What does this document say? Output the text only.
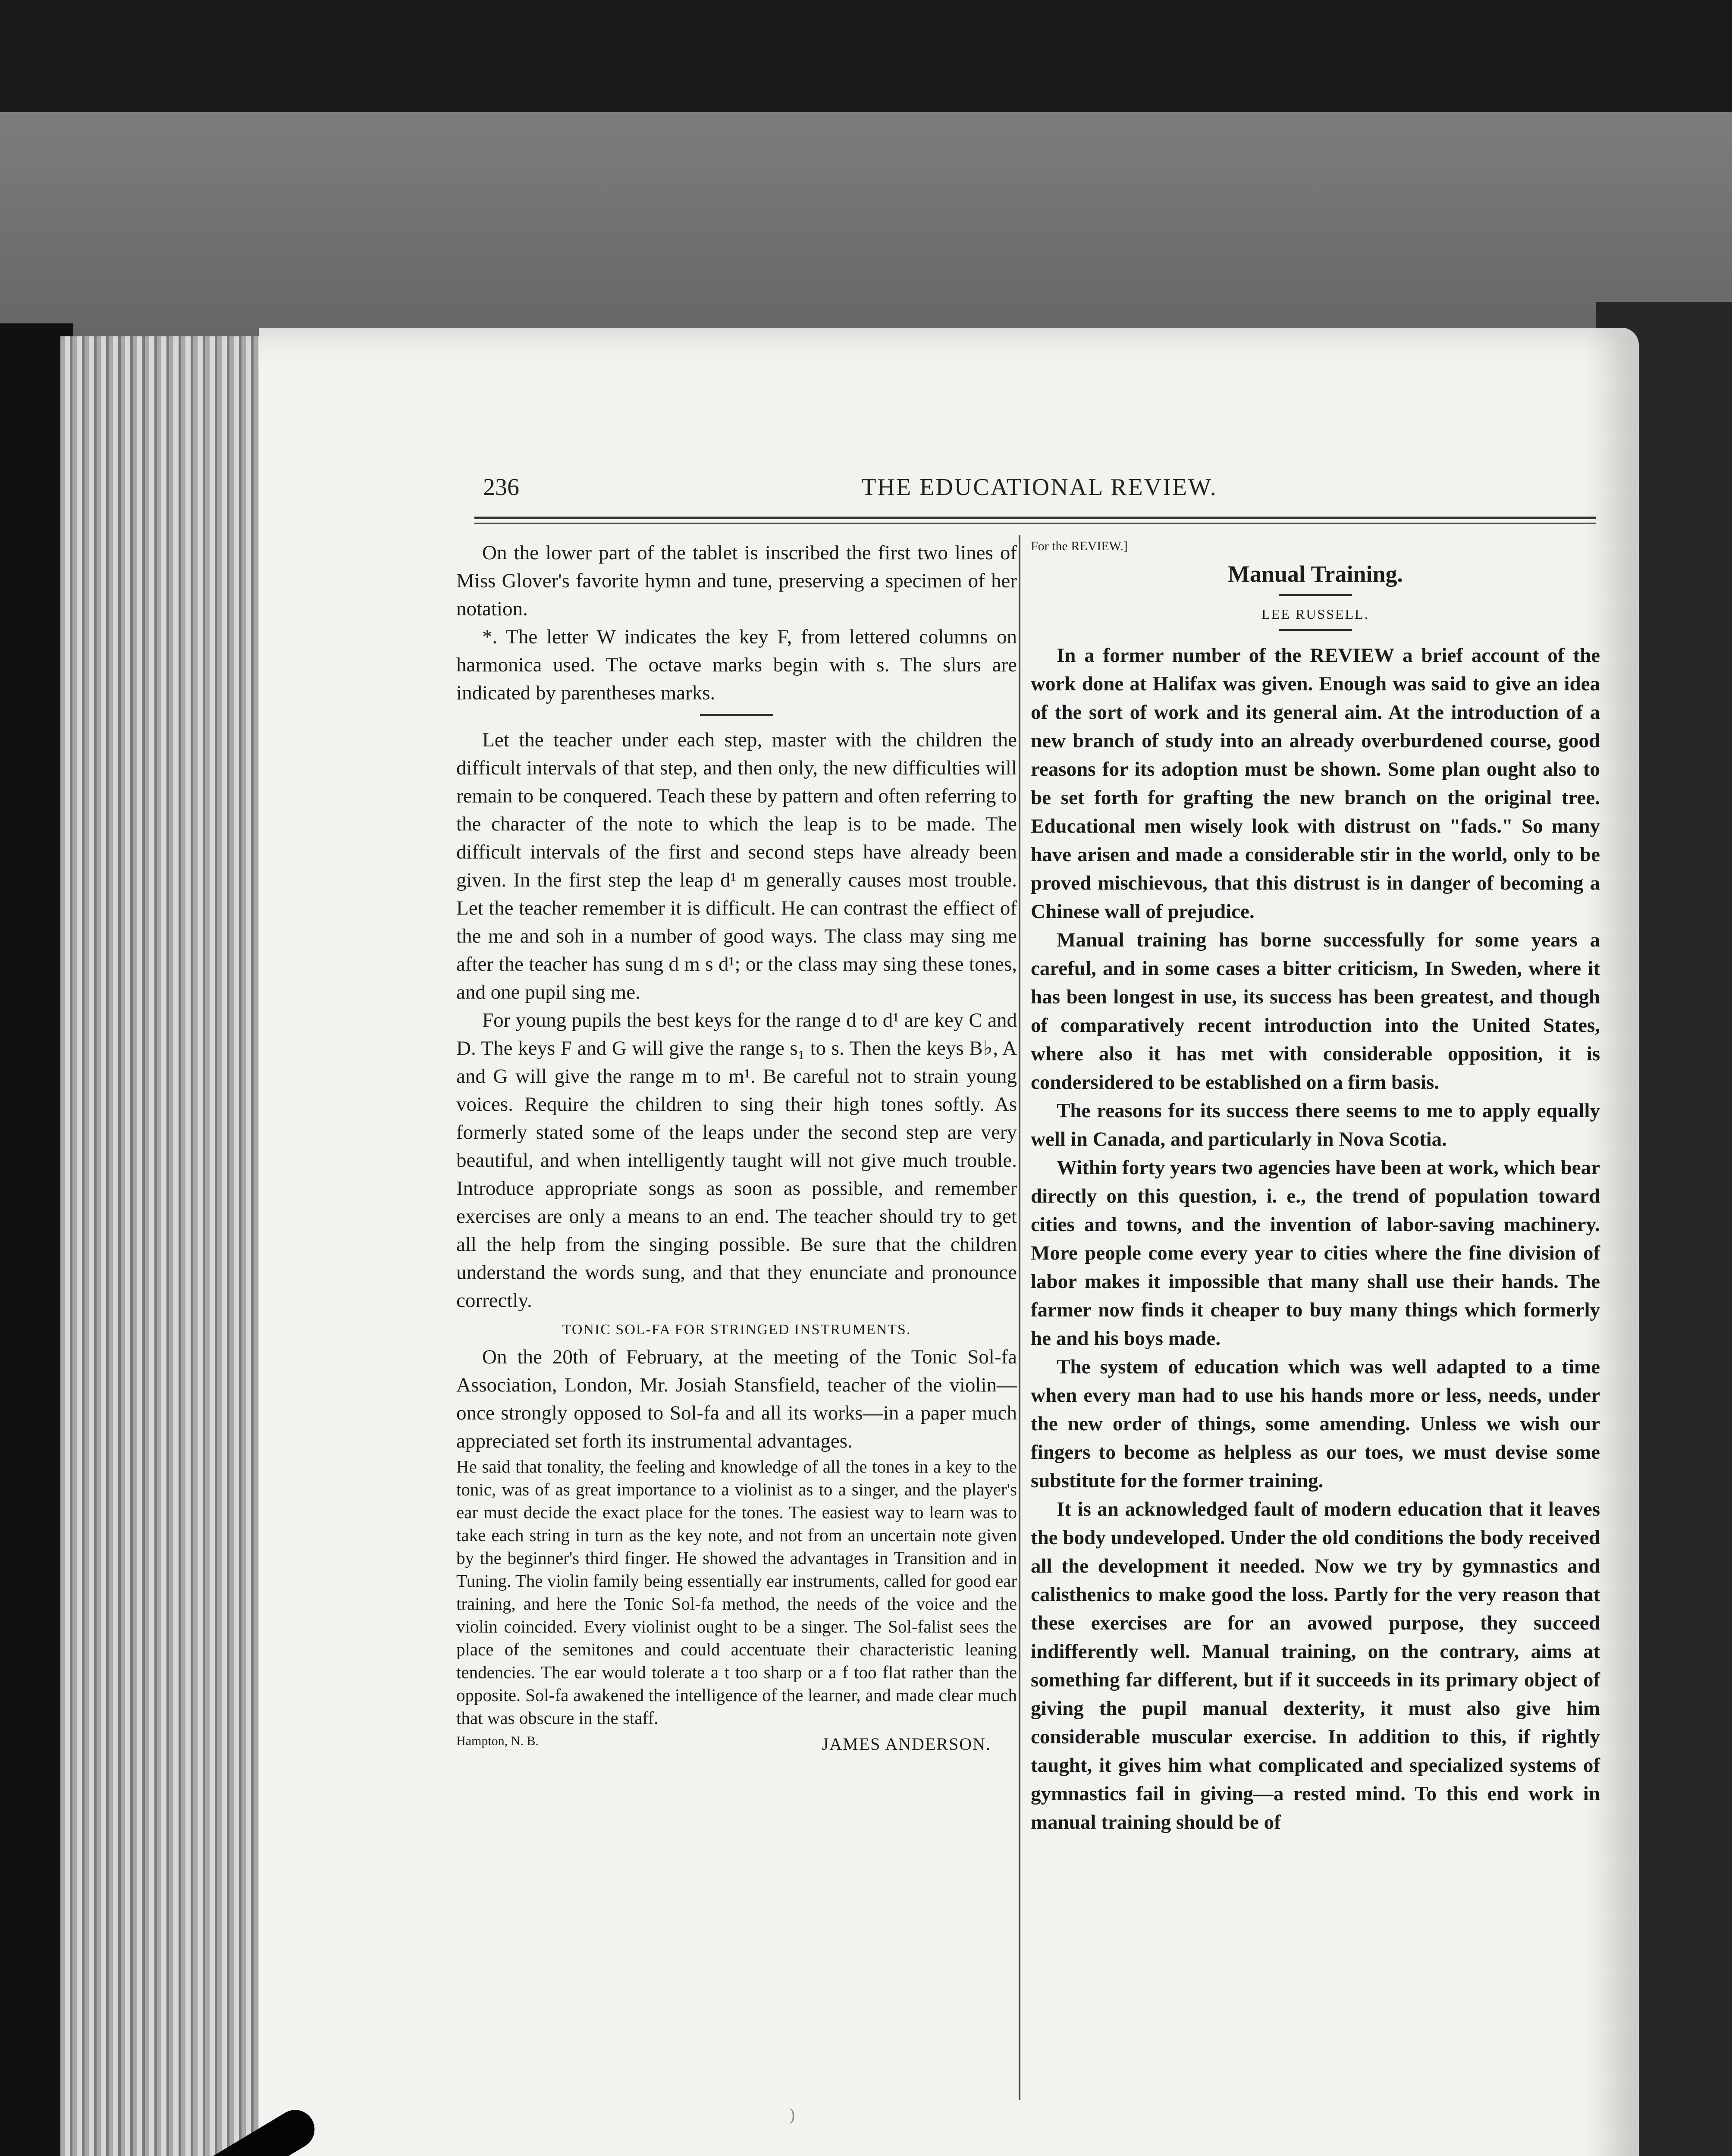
236	THE EDUCATIONAL REVIEW.

On the lower part of the tablet is inscribed the first two lines of Miss Glover's favorite hymn and tune, preserving a specimen of her notation.

*. The letter W indicates the key F, from lettered columns on harmonica used. The octave marks begin with s. The slurs are indicated by parentheses marks.

Let the teacher under each step, master with the children the difficult intervals of that step, and then only, the new difficulties will remain to be conquered. Teach these by pattern and often referring to the character of the note to which the leap is to be made. The difficult intervals of the first and second steps have already been given. In the first step the leap d¹ m generally causes most trouble. Let the teacher remember it is difficult. He can contrast the effiect of the me and soh in a number of good ways. The class may sing me after the teacher has sung d m s d¹; or the class may sing these tones, and one pupil sing me.

For young pupils the best keys for the range d to d¹ are key C and D. The keys F and G will give the range s₁ to s. Then the keys B♭, A and G will give the range m to m¹. Be careful not to strain young voices. Require the children to sing their high tones softly. As formerly stated some of the leaps under the second step are very beautiful, and when intelligently taught will not give much trouble. Introduce appropriate songs as soon as possible, and remember exercises are only a means to an end. The teacher should try to get all the help from the singing possible. Be sure that the children understand the words sung, and that they enunciate and pronounce correctly.

TONIC SOL-FA FOR STRINGED INSTRUMENTS.

On the 20th of February, at the meeting of the Tonic Sol-fa Association, London, Mr. Josiah Stansfield, teacher of the violin—once strongly opposed to Sol-fa and all its works—in a paper much appreciated set forth its instrumental advantages.

He said that tonality, the feeling and knowledge of all the tones in a key to the tonic, was of as great importance to a violinist as to a singer, and the player's ear must decide the exact place for the tones. The easiest way to learn was to take each string in turn as the key note, and not from an uncertain note given by the beginner's third finger. He showed the advantages in Transition and in Tuning. The violin family being essentially ear instruments, called for good ear training, and here the Tonic Sol-fa method, the needs of the voice and the violin coincided. Every violinist ought to be a singer. The Sol-falist sees the place of the semitones and could accentuate their characteristic leaning tendencies. The ear would tolerate a t too sharp or a f too flat rather than the opposite. Sol-fa awakened the intelligence of the learner, and made clear much that was obscure in the staff.

Hampton, N. B.	JAMES ANDERSON.
For the REVIEW.]
Manual Training.
LEE RUSSELL.

In a former number of the REVIEW a brief account of the work done at Halifax was given. Enough was said to give an idea of the sort of work and its general aim. At the introduction of a new branch of study into an already overburdened course, good reasons for its adoption must be shown. Some plan ought also to be set forth for grafting the new branch on the original tree. Educational men wisely look with distrust on "fads." So many have arisen and made a considerable stir in the world, only to be proved mischievous, that this distrust is in danger of becoming a Chinese wall of prejudice.

Manual training has borne successfully for some years a careful, and in some cases a bitter criticism, In Sweden, where it has been longest in use, its success has been greatest, and though of comparatively recent introduction into the United States, where also it has met with considerable opposition, it is condersidered to be established on a firm basis.

The reasons for its success there seems to me to apply equally well in Canada, and particularly in Nova Scotia.

Within forty years two agencies have been at work, which bear directly on this question, i. e., the trend of population toward cities and towns, and the invention of labor-saving machinery. More people come every year to cities where the fine division of labor makes it impossible that many shall use their hands. The farmer now finds it cheaper to buy many things which formerly he and his boys made.

The system of education which was well adapted to a time when every man had to use his hands more or less, needs, under the new order of things, some amending. Unless we wish our fingers to become as helpless as our toes, we must devise some substitute for the former training.

It is an acknowledged fault of modern education that it leaves the body undeveloped. Under the old conditions the body received all the development it needed. Now we try by gymnastics and calisthenics to make good the loss. Partly for the very reason that these exercises are for an avowed purpose, they succeed indifferently well. Manual training, on the contrary, aims at something far different, but if it succeeds in its primary object of giving the pupil manual dexterity, it must also give him considerable muscular exercise. In addition to this, if rightly taught, it gives him what complicated and specialized systems of gymnastics fail in giving—a rested mind. To this end work in manual training should be of

)
